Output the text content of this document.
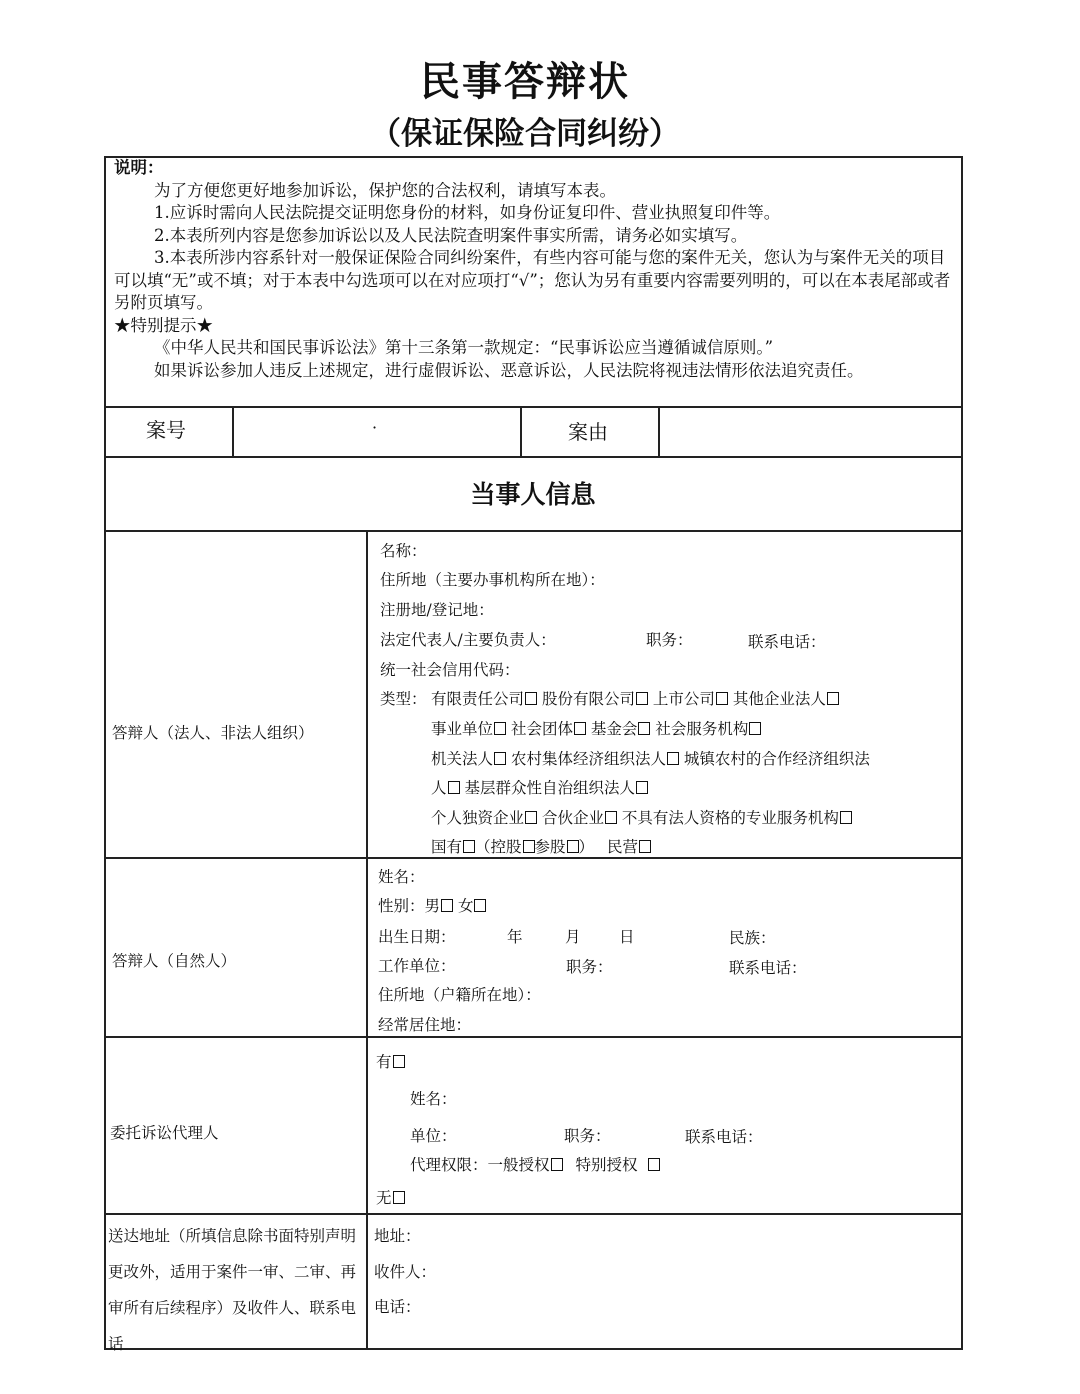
民事答辩状
（保证保险合同纠纷）

说明：

为了方便您更好地参加诉讼，保护您的合法权利，请填写本表。

1.应诉时需向人民法院提交证明您身份的材料，如身份证复印件、营业执照复印件等。

2.本表所列内容是您参加诉讼以及人民法院查明案件事实所需，请务必如实填写。

3.本表所涉内容系针对一般保证保险合同纠纷案件，有些内容可能与您的案件无关，您认为与案件无关的项目可以填“无”或不填；对于本表中勾选项可以在对应项打“√”；您认为另有重要内容需要列明的，可以在本表尾部或者另附页填写。

★特别提示★

《中华人民共和国民事诉讼法》第十三条第一款规定：“民事诉讼应当遵循诚信原则。”

如果诉讼参加人违反上述规定，进行虚假诉讼、恶意诉讼，人民法院将视违法情形依法追究责任。

案号	·	案由
当事人信息
答辩人（法人、非法人组织）
名称：
住所地（主要办事机构所在地）：
注册地/登记地：
法定代表人/主要负责人：	职务：	联系电话：
统一社会信用代码：
类型： 有限责任公司 股份有限公司 上市公司 其他企业法人
事业单位 社会团体 基金会 社会服务机构
机关法人 农村集体经济组织法人 城镇农村的合作经济组织法
人 基层群众性自治组织法人
个人独资企业 合伙企业 不具有法人资格的专业服务机构
国有 （控股 参股 ） 民营
答辩人（自然人）
姓名：
性别：男 女
出生日期：	年	月 日	民族：
工作单位：	职务：	联系电话：
住所地（户籍所在地）：
经常居住地：
委托诉讼代理人
有
姓名：
单位：	职务：	联系电话：
代理权限：一般授权 特别授权
无
送达地址（所填信息除书面特别声明更改外，适用于案件一审、二审、再审所有后续程序）及收件人、联系电话
地址：
收件人：
电话：
